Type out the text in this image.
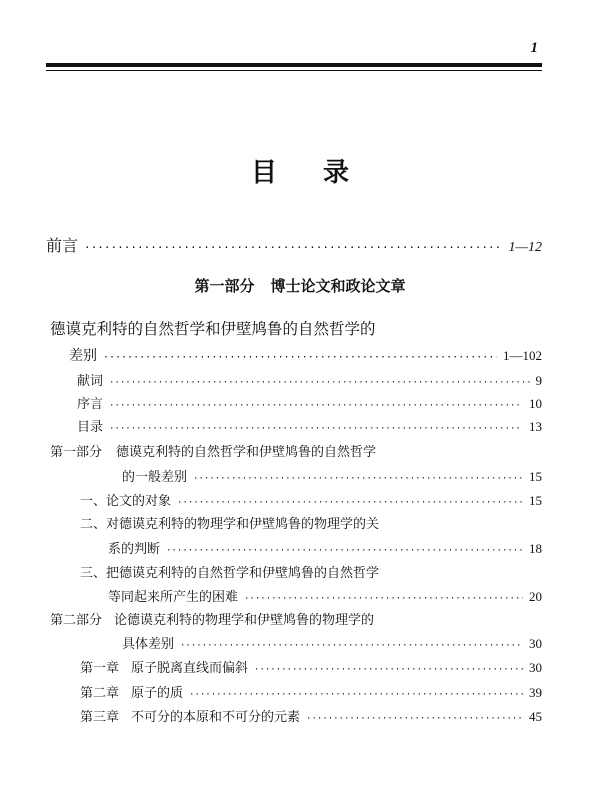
1
目 录
前言 ·····	1—12
第一部分 博士论文和政论文章
德谟克利特的自然哲学和伊壁鸠鲁的自然哲学的
差别 ·····	1—102
献词 ·····	9
序言 ·····	10
目录 ·····	13
第一部分 德谟克利特的自然哲学和伊壁鸠鲁的自然哲学
的一般差别 ·····	15
一、论文的对象 ·····	15
二、对德谟克利特的物理学和伊壁鸠鲁的物理学的关
系的判断 ·····	18
三、把德谟克利特的自然哲学和伊壁鸠鲁的自然哲学
等同起来所产生的困难 ·····	20
第二部分 论德谟克利特的物理学和伊壁鸠鲁的物理学的
具体差别 ·····	30
第一章 原子脱离直线而偏斜 ·····	30
第二章 原子的质 ·····	39
第三章 不可分的本原和不可分的元素 ·····	45
